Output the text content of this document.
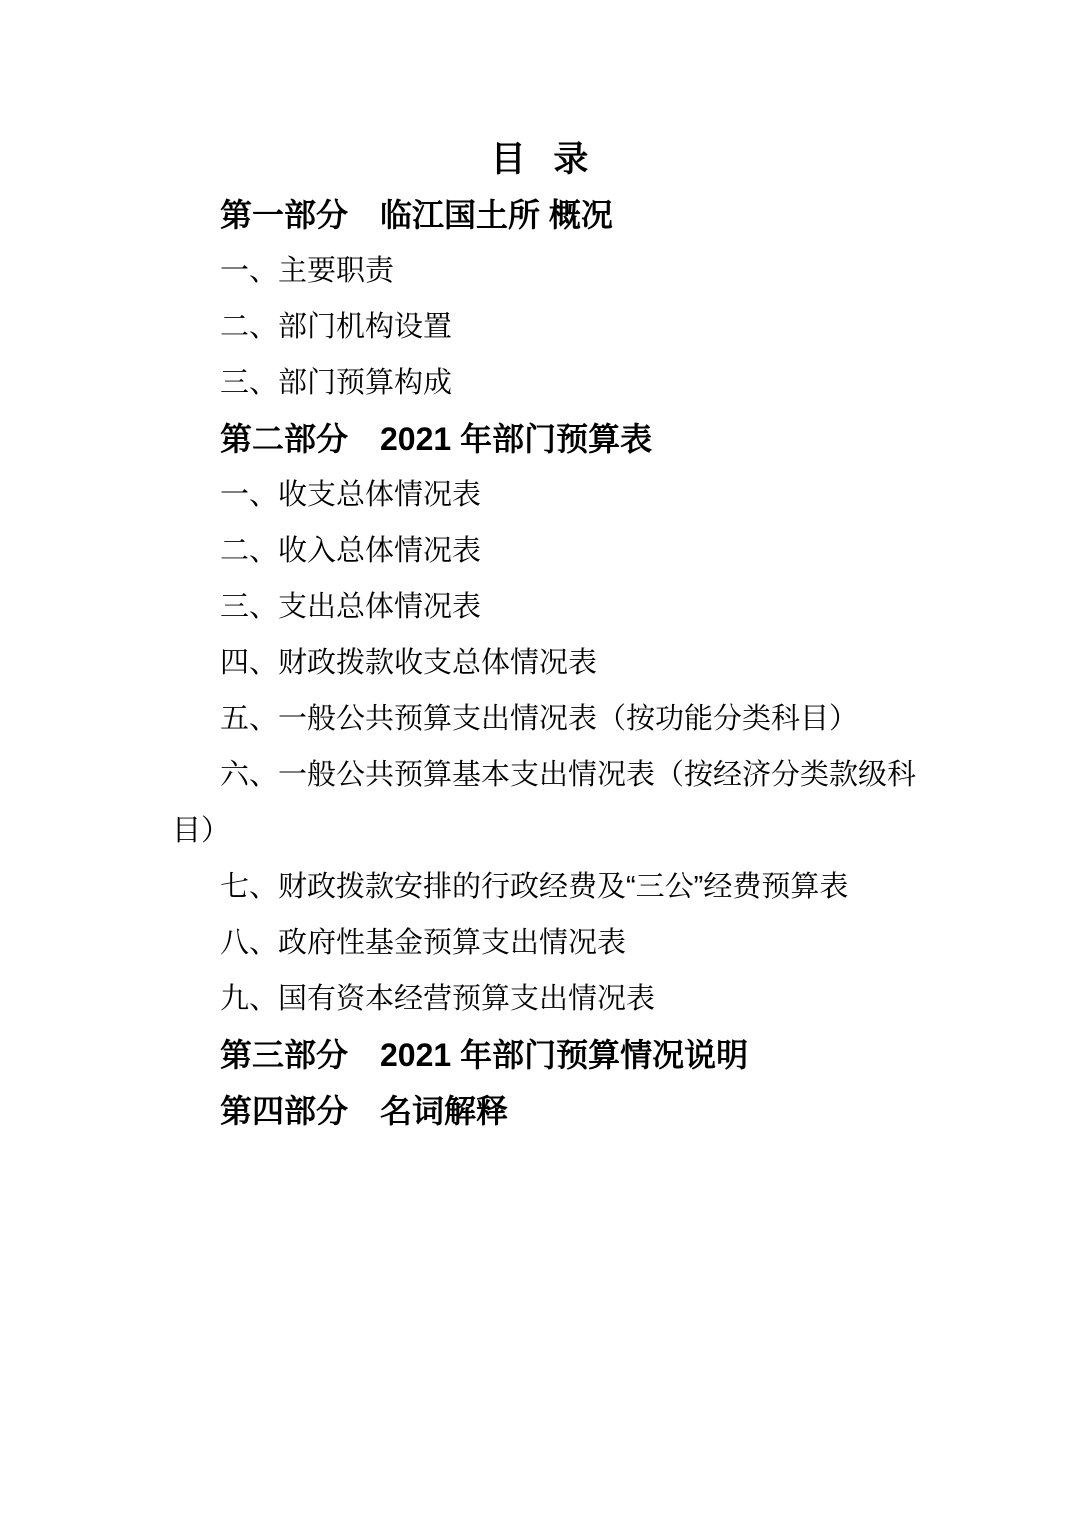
目 录
第一部分　临江国土所 概况
一、主要职责
二、部门机构设置
三、部门预算构成
第二部分　2021 年部门预算表
一、收支总体情况表
二、收入总体情况表
三、支出总体情况表
四、财政拨款收支总体情况表
五、一般公共预算支出情况表（按功能分类科目）
六、一般公共预算基本支出情况表（按经济分类款级科
目）
七、财政拨款安排的行政经费及“三公”经费预算表
八、政府性基金预算支出情况表
九、国有资本经营预算支出情况表
第三部分　2021 年部门预算情况说明
第四部分　名词解释
